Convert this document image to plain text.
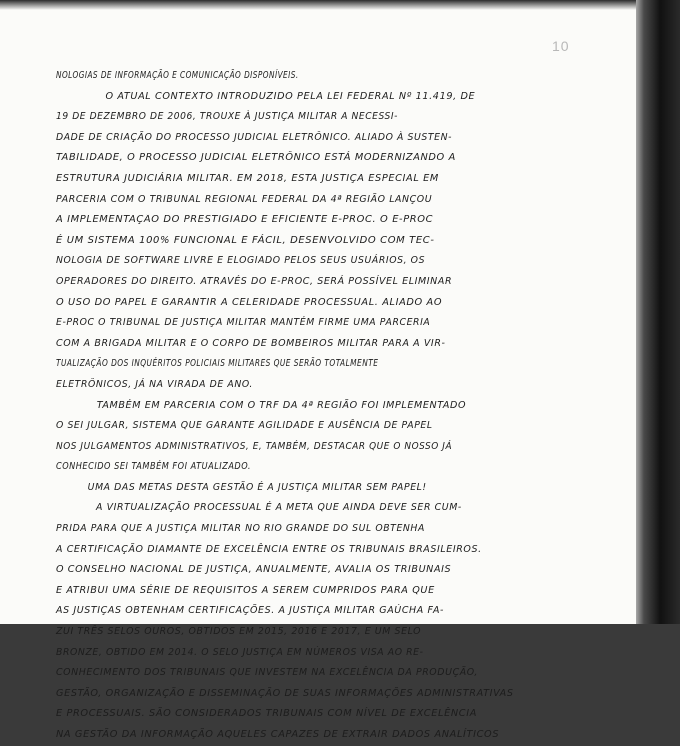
10
NOLOGIAS DE INFORMAÇÃO E COMUNICAÇÃO DISPONÍVEIS.
O ATUAL CONTEXTO INTRODUZIDO PELA LEI FEDERAL Nº 11.419, DE
19 DE DEZEMBRO DE 2006, TROUXE À JUSTIÇA MILITAR A NECESSI-
DADE DE CRIAÇÃO DO PROCESSO JUDICIAL ELETRÔNICO. ALIADO À SUSTEN-
TABILIDADE, O PROCESSO JUDICIAL ELETRÔNICO ESTÁ MODERNIZANDO A
ESTRUTURA JUDICIÁRIA MILITAR. EM 2018, ESTA JUSTIÇA ESPECIAL EM
PARCERIA COM O TRIBUNAL REGIONAL FEDERAL DA 4ª REGIÃO LANÇOU
A IMPLEMENTAÇÃO DO PRESTIGIADO E EFICIENTE E-PROC. O E-PROC
É UM SISTEMA 100% FUNCIONAL E FÁCIL, DESENVOLVIDO COM TEC-
NOLOGIA DE SOFTWARE LIVRE E ELOGIADO PELOS SEUS USUÁRIOS, OS
OPERADORES DO DIREITO. ATRAVÉS DO E-PROC, SERÁ POSSÍVEL ELIMINAR
O USO DO PAPEL E GARANTIR A CELERIDADE PROCESSUAL. ALIADO AO
E-PROC O TRIBUNAL DE JUSTIÇA MILITAR MANTÉM FIRME UMA PARCERIA
COM A BRIGADA MILITAR E O CORPO DE BOMBEIROS MILITAR PARA A VIR-
TUALIZAÇÃO DOS INQUÉRITOS POLICIAIS MILITARES QUE SERÃO TOTALMENTE
ELETRÔNICOS, JÁ NA VIRADA DE ANO.
TAMBÉM EM PARCERIA COM O TRF DA 4ª REGIÃO FOI IMPLEMENTADO
O SEI JULGAR, SISTEMA QUE GARANTE AGILIDADE E AUSÊNCIA DE PAPEL
NOS JULGAMENTOS ADMINISTRATIVOS, E, TAMBÉM, DESTACAR QUE O NOSSO JÁ
CONHECIDO SEI TAMBÉM FOI ATUALIZADO.
UMA DAS METAS DESTA GESTÃO É A JUSTIÇA MILITAR SEM PAPEL!
A VIRTUALIZAÇÃO PROCESSUAL É A META QUE AINDA DEVE SER CUM-
PRIDA PARA QUE A JUSTIÇA MILITAR NO RIO GRANDE DO SUL OBTENHA
A CERTIFICAÇÃO DIAMANTE DE EXCELÊNCIA ENTRE OS TRIBUNAIS BRASILEIROS.
O CONSELHO NACIONAL DE JUSTIÇA, ANUALMENTE, AVALIA OS TRIBUNAIS
E ATRIBUI UMA SÉRIE DE REQUISITOS A SEREM CUMPRIDOS PARA QUE
AS JUSTIÇAS OBTENHAM CERTIFICAÇÕES. A JUSTIÇA MILITAR GAÚCHA FA-
ZUI TRÊS SELOS OUROS, OBTIDOS EM 2015, 2016 E 2017, E UM SELO
BRONZE, OBTIDO EM 2014. O SELO JUSTIÇA EM NÚMEROS VISA AO RE-
CONHECIMENTO DOS TRIBUNAIS QUE INVESTEM NA EXCELÊNCIA DA PRODUÇÃO,
GESTÃO, ORGANIZAÇÃO E DISSEMINAÇÃO DE SUAS INFORMAÇÕES ADMINISTRATIVAS
E PROCESSUAIS. SÃO CONSIDERADOS TRIBUNAIS COM NÍVEL DE EXCELÊNCIA
NA GESTÃO DA INFORMAÇÃO AQUELES CAPAZES DE EXTRAIR DADOS ANALÍTICOS
